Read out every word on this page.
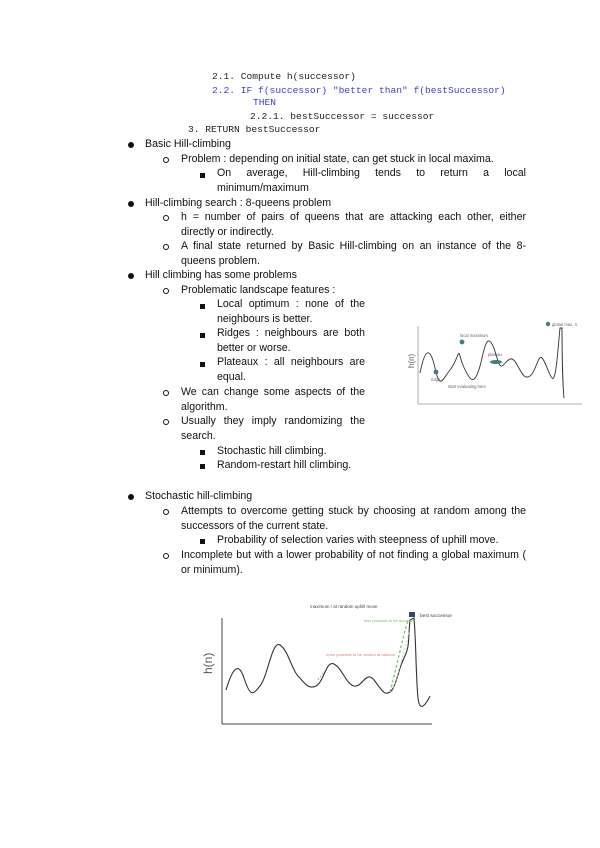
2.1. Compute h(successor)
2.2. IF f(successor) "better than" f(bestSuccessor)
THEN
2.2.1. bestSuccessor = successor
3. RETURN bestSuccessor
Basic Hill-climbing
Problem : depending on initial state, can get stuck in local maxima.
On average, Hill-climbing tends to return a local minimum/maximum
Hill-climbing search : 8-queens problem
h = number of pairs of queens that are attacking each other, either directly or indirectly.
A final state returned by Basic Hill-climbing on an instance of the 8-queens problem.
Hill climbing has some problems
Problematic landscape features :
Local optimum : none of the neighbours is better.
Ridges : neighbours are both better or worse.
Plateaux : all neighbours are equal.
We can change some aspects of the algorithm.
Usually they imply randomizing the search.
Stochastic hill climbing.
Random-restart hill climbing.
h(n)
global max, n
local maximum
plateau
ridge
start evaluating here
Stochastic hill-climbing
Attempts to overcome getting stuck by choosing at random among the successors of the current state.
Probability of selection varies with steepness of uphill move.
Incomplete but with a lower probability of not finding a global maximum ( or minimum).
h(n)
maximum / at random uphill move
best successor
less probable to be accepted
more probable to be chosen at random
